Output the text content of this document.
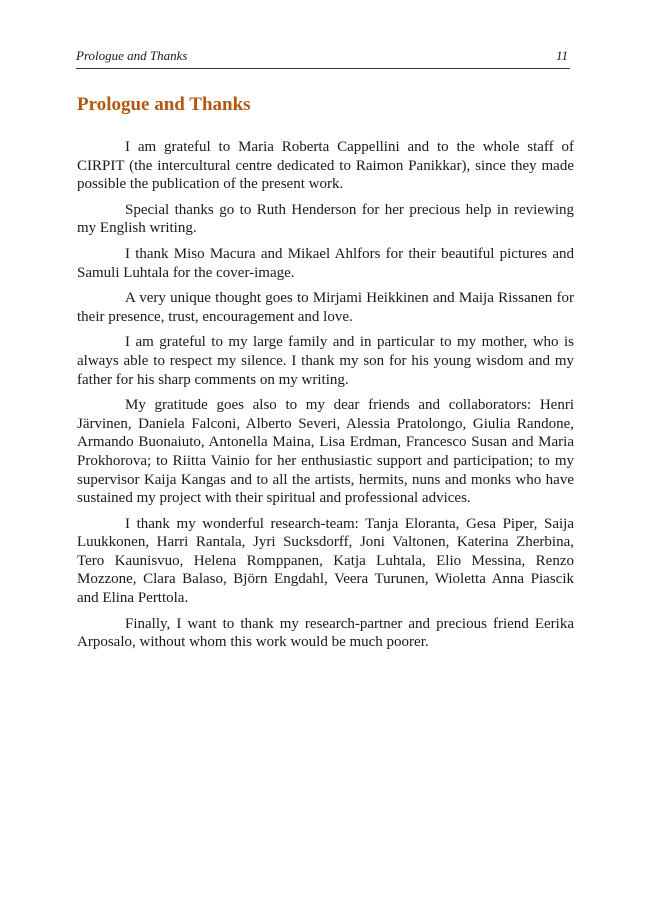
Prologue and Thanks	11
Prologue and Thanks

I am grateful to Maria Roberta Cappellini and to the whole staff of CIRPIT (the intercultural centre dedicated to Raimon Panikkar), since they made possible the publication of the present work.

Special thanks go to Ruth Henderson for her precious help in reviewing my English writing.

I thank Miso Macura and Mikael Ahlfors for their beautiful pictures and Samuli Luhtala for the cover-image.

A very unique thought goes to Mirjami Heikkinen and Maija Rissanen for their presence, trust, encouragement and love.

I am grateful to my large family and in particular to my mother, who is always able to respect my silence. I thank my son for his young wisdom and my father for his sharp comments on my writing.

My gratitude goes also to my dear friends and collaborators: Henri Järvinen, Daniela Falconi, Alberto Severi, Alessia Pratolongo, Giulia Randone, Armando Buonaiuto, Antonella Maina, Lisa Erdman, Francesco Susan and Maria Prokhorova; to Riitta Vainio for her enthusiastic support and participation; to my supervisor Kaija Kangas and to all the artists, hermits, nuns and monks who have sustained my project with their spiritual and professional advices.

I thank my wonderful research-team: Tanja Eloranta, Gesa Piper, Saija Luukkonen, Harri Rantala, Jyri Sucksdorff, Joni Valtonen, Katerina Zherbina, Tero Kaunisvuo, Helena Romppanen, Katja Luhtala, Elio Messina, Renzo Mozzone, Clara Balaso, Björn Engdahl, Veera Turunen, Wioletta Anna Piascik and Elina Perttola.

Finally, I want to thank my research-partner and precious friend Eerika Arposalo, without whom this work would be much poorer.
